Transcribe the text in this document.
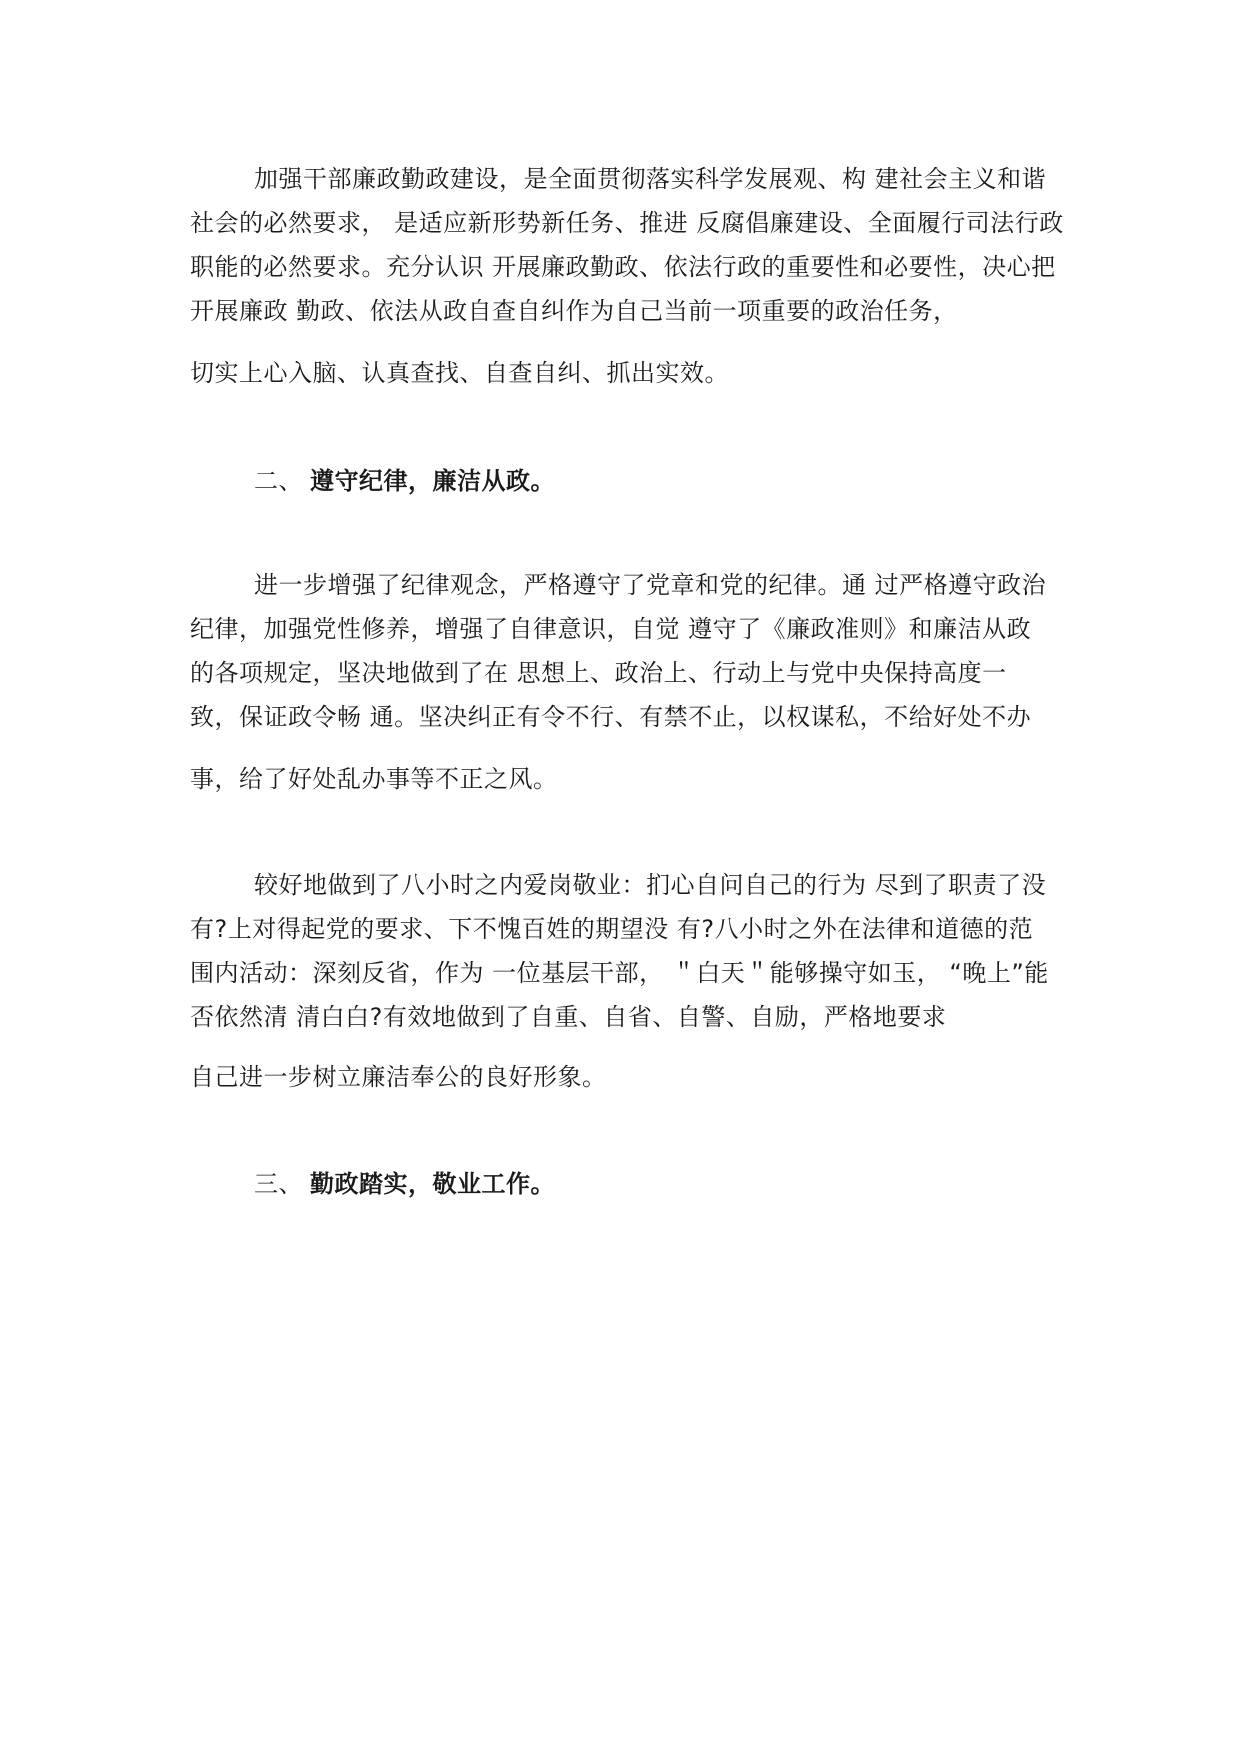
加强干部廉政勤政建设，是全面贯彻落实科学发展观、构 建社会主义和谐
社会的必然要求， 是适应新形势新任务、推进 反腐倡廉建设、全面履行司法行政
职能的必然要求。充分认识 开展廉政勤政、依法行政的重要性和必要性，决心把
开展廉政 勤政、依法从政自查自纠作为自己当前一项重要的政治任务，
切实上心入脑、认真查找、自查自纠、抓出实效。
二、 遵守纪律，廉洁从政。
进一步增强了纪律观念，严格遵守了党章和党的纪律。通 过严格遵守政治
纪律，加强党性修养，增强了自律意识，自觉 遵守了《廉政准则》和廉洁从政
的各项规定，坚决地做到了在 思想上、政治上、行动上与党中央保持高度一
致，保证政令畅 通。坚决纠正有令不行、有禁不止，以权谋私，不给好处不办
事，给了好处乱办事等不正之风。
较好地做到了八小时之内爱岗敬业：扪心自问自己的行为 尽到了职责了没
有?上对得起党的要求、下不愧百姓的期望没 有?八小时之外在法律和道德的范
围内活动：深刻反省，作为 一位基层干部， ＂白天＂能够操守如玉， “晚上”能
否依然清 清白白?有效地做到了自重、自省、自警、自励，严格地要求
自己进一步树立廉洁奉公的良好形象。
三、 勤政踏实，敬业工作。
